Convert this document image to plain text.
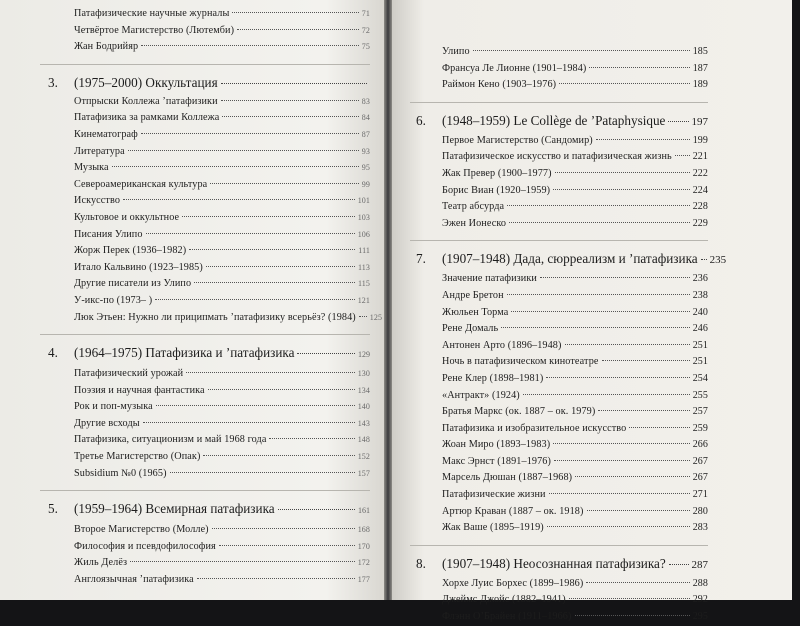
Патафизические научные журналы	71
Четвёртое Магистерство (Лютемби)	72
Жан Бодрийяр	75
3.	(1975–2000) Оккультация
Отпрыски Коллежа ’патафизики	83
Патафизика за рамками Коллежа	84
Кинематограф	87
Литература	93
Музыка	95
Североамериканская культура	99
Искусство	101
Культовое и оккультное	103
Писания Улипо	106
Жорж Перек (1936–1982)	111
Итало Кальвино (1923–1985)	113
Другие писатели из Улипо	115
У-икс-по (1973– )	121
Люк Этьен: Нужно ли приципмать ’патафизику всерьёз? (1984) 125
4.	(1964–1975) Патафизика и ’патафизика	129
Патафизический урожай	130
Поэзия и научная фантастика	134
Рок и поп-музыка	140
Другие всходы	143
Патафизика, ситуационизм и май 1968 года	148
Третье Магистерство (Опак)	152
Subsidium №0 (1965)	157
5.	(1959–1964) Всемирная патафизика	161
Второе Магистерство (Молле)	168
Философия и псевдофилософия	170
Жиль Делёз	172
Англоязычная ’патафизика	177
Улипо	185
Франсуа Ле Лионне (1901–1984)	187
Раймон Кено (1903–1976)	189
6.	(1948–1959) Le Collège de ’Pataphysique 197
Первое Магистерство (Сандомир)	199
Патафизическое искусство и патафизическая жизнь 221
Жак Превер (1900–1977)	222
Борис Виан (1920–1959)	224
Театр абсурда	228
Эжен Ионеско	229
7.	(1907–1948) Дада, сюрреализм и ’патафизика 235
Значение патафизики	236
Андре Бретон	238
Жюльен Торма	240
Рене Домаль	246
Антонен Арто (1896–1948)	251
Ночь в патафизическом кинотеатре	251
Рене Клер (1898–1981)	254
«Антракт» (1924)	255
Братья Маркс (ок. 1887 – ок. 1979)	257
Патафизика и изобразительное искусство	259
Жоан Миро (1893–1983)	266
Макс Эрнст (1891–1976)	267
Марсель Дюшан (1887–1968)	267
Патафизические жизни	271
Артюр Краван (1887 – ок. 1918)	280
Жак Ваше (1895–1919)	283
8.	(1907–1948) Неосознанная патафизика? 287
Хорхе Луис Борхес (1899–1986)	288
Джеймс Джойс (1882–1941)	292
Флэнн О’Брайен (1911–1966)	295
